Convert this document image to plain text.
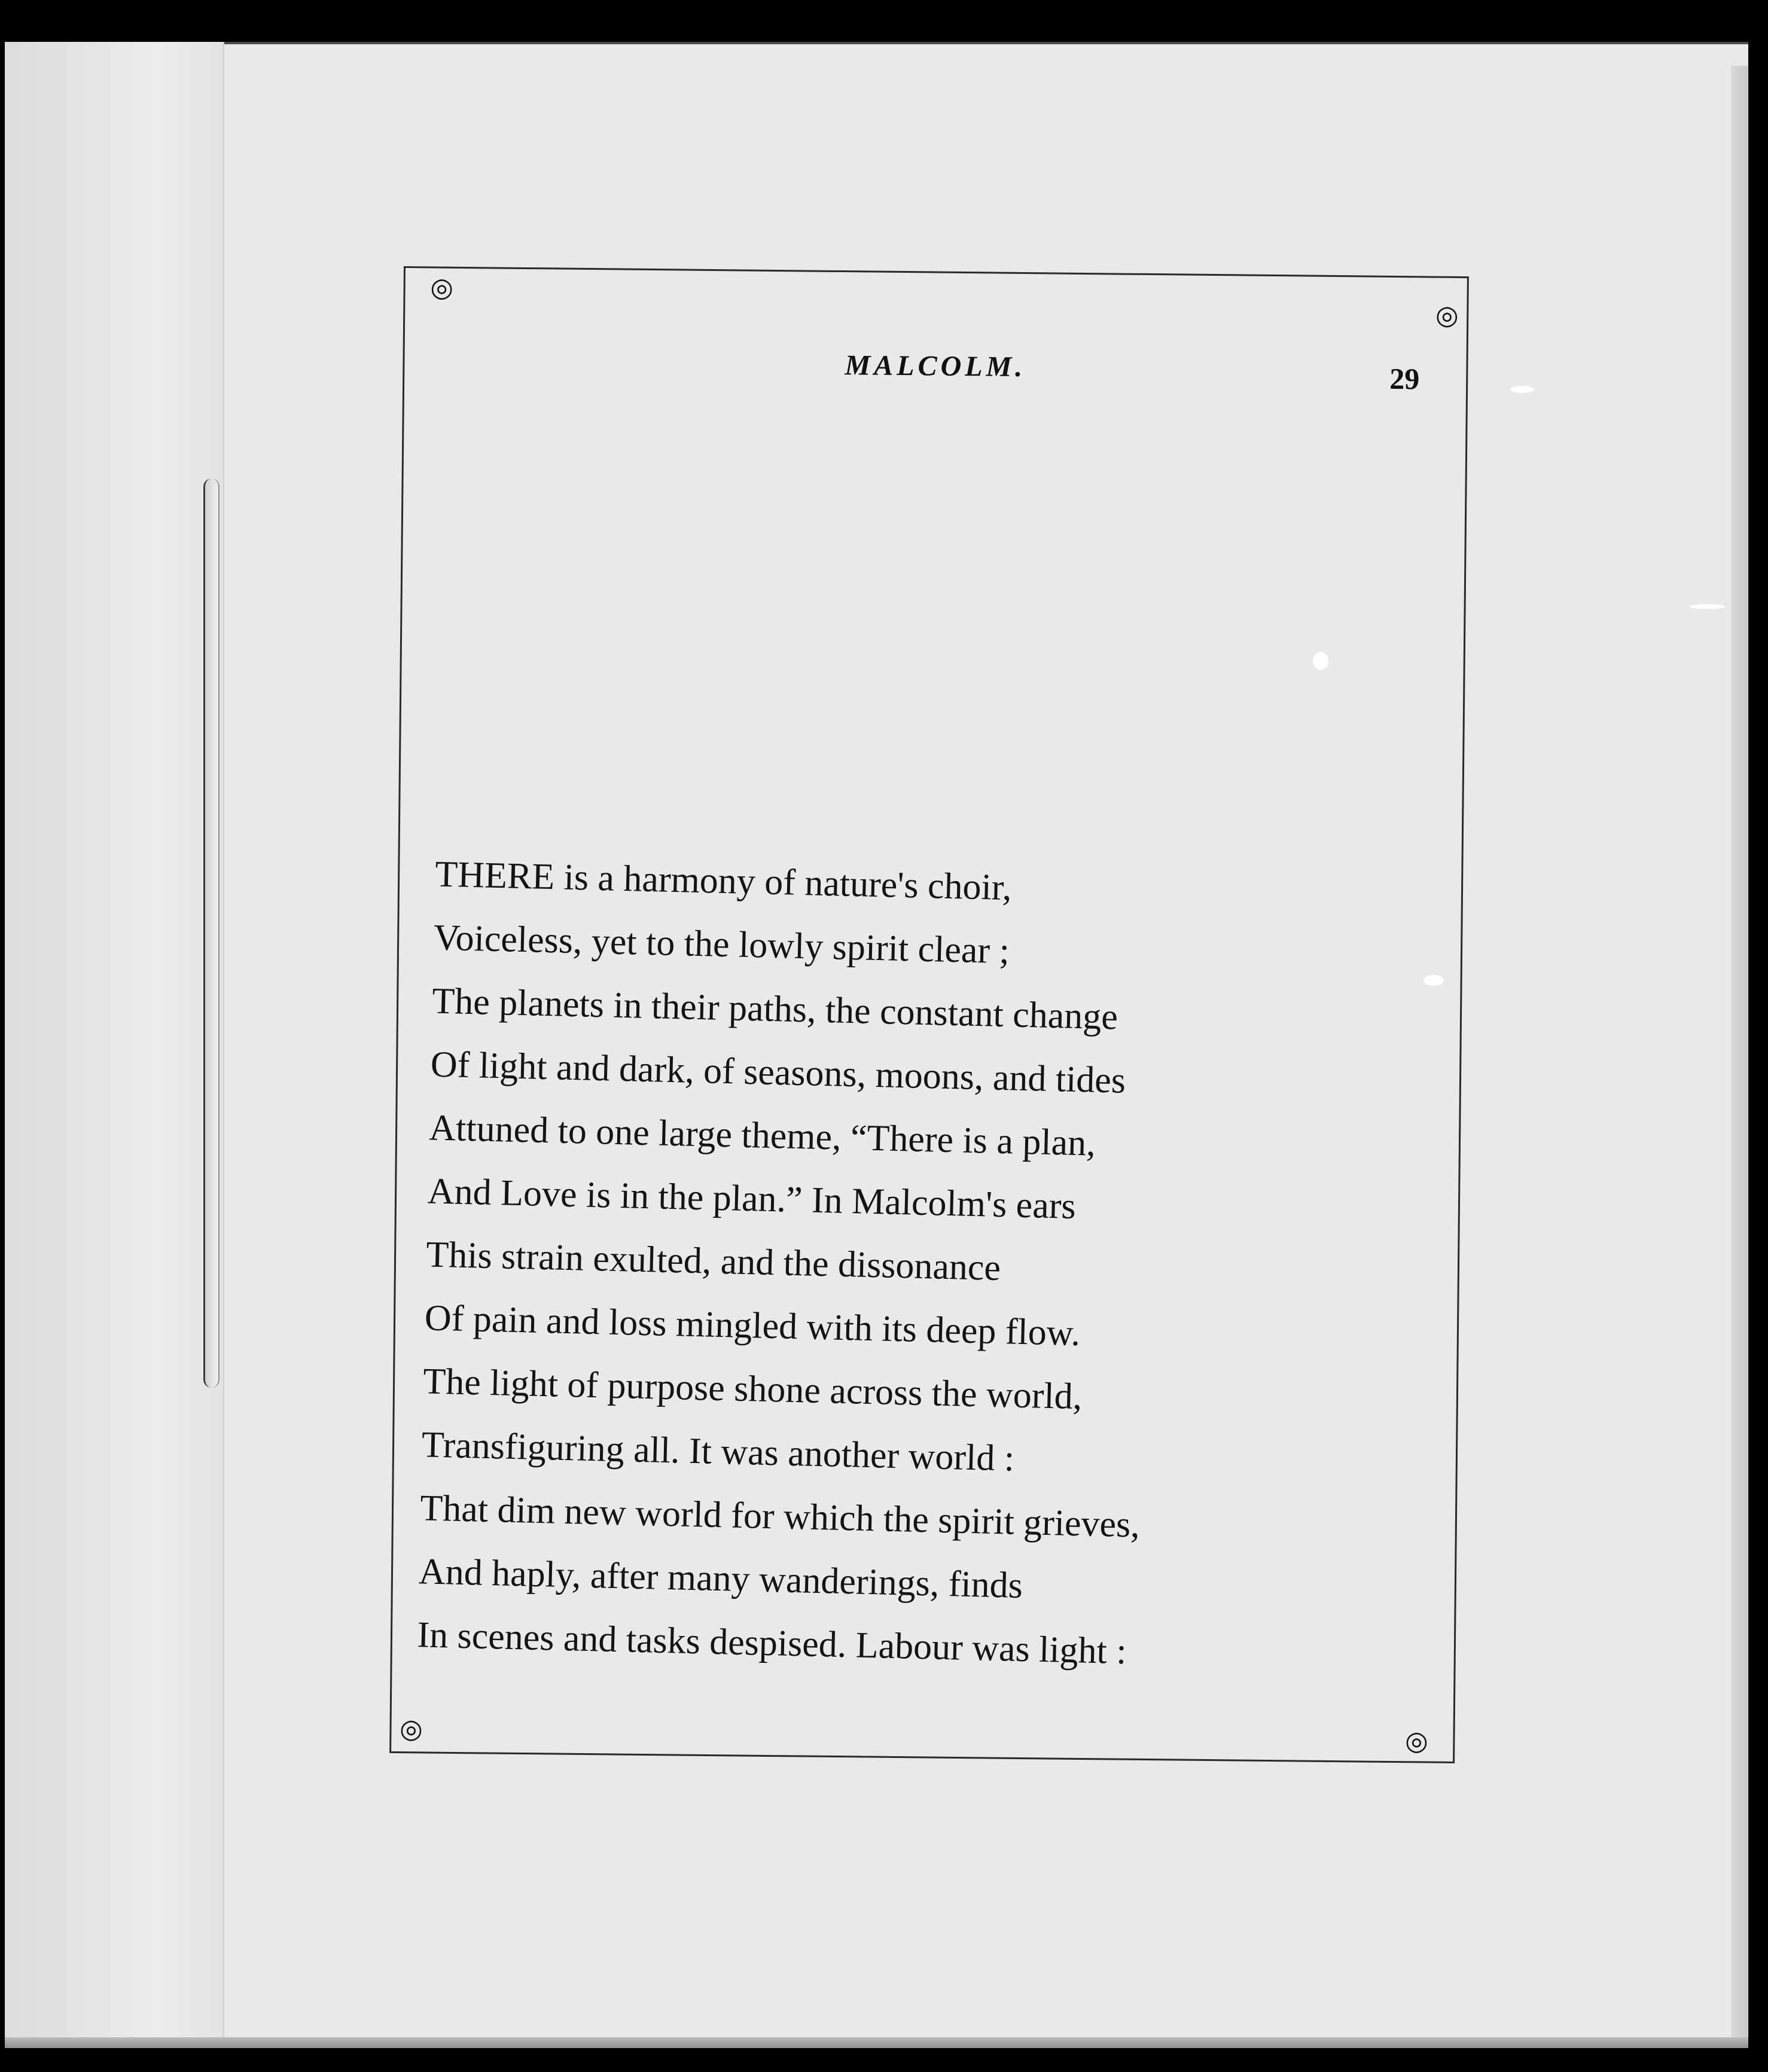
◎
◎
◎	◎
MALCOLM.	29
THERE is a harmony of nature's choir,
Voiceless, yet to the lowly spirit clear ;
The planets in their paths, the constant change
Of light and dark, of seasons, moons, and tides
Attuned to one large theme, “There is a plan,
And Love is in the plan.” In Malcolm's ears
This strain exulted, and the dissonance
Of pain and loss mingled with its deep flow.
The light of purpose shone across the world,
Transfiguring all. It was another world :
That dim new world for which the spirit grieves,
And haply, after many wanderings, finds
In scenes and tasks despised. Labour was light :
